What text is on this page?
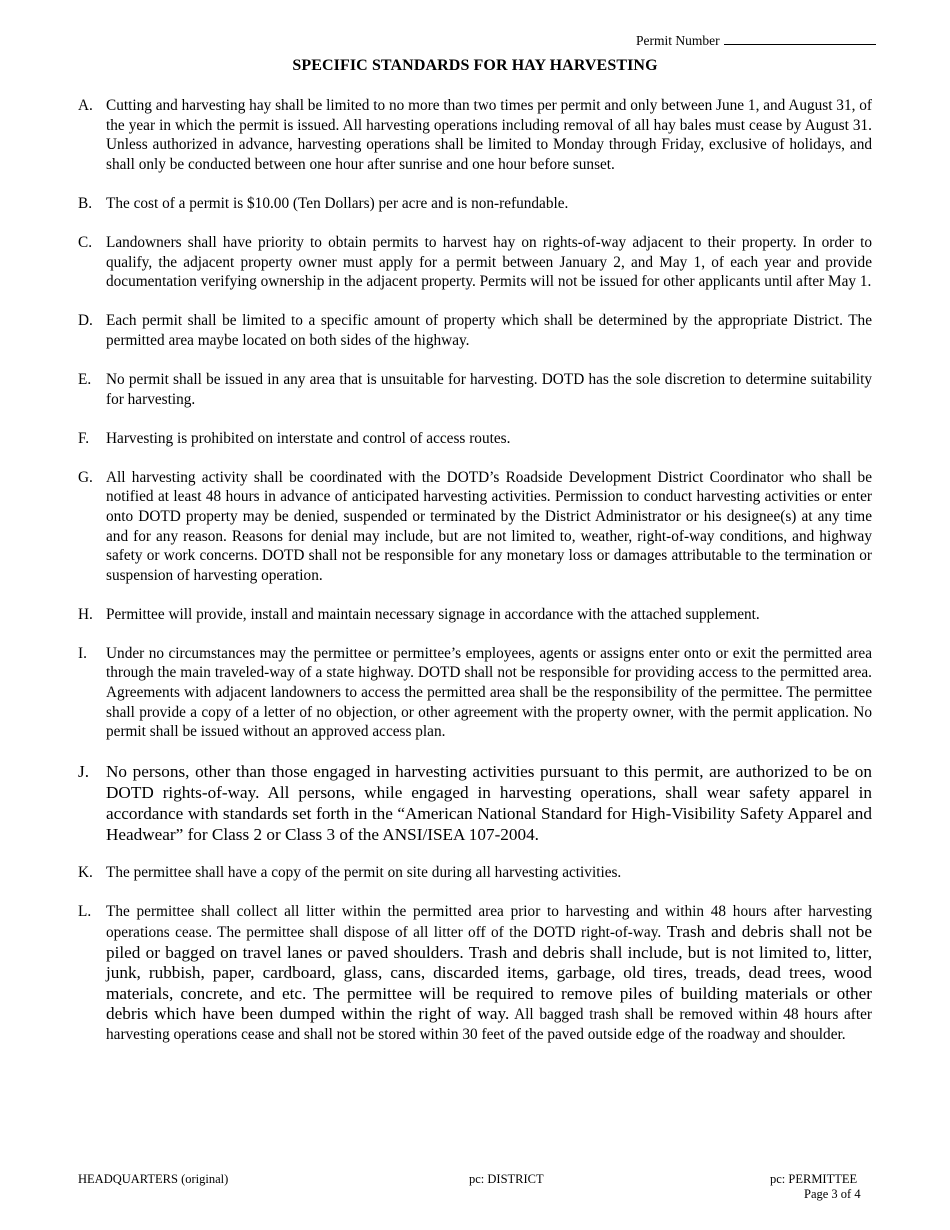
Permit Number
SPECIFIC STANDARDS FOR HAY HARVESTING
A. Cutting and harvesting hay shall be limited to no more than two times per permit and only between June 1, and August 31, of the year in which the permit is issued. All harvesting operations including removal of all hay bales must cease by August 31. Unless authorized in advance, harvesting operations shall be limited to Monday through Friday, exclusive of holidays, and shall only be conducted between one hour after sunrise and one hour before sunset.
B. The cost of a permit is $10.00 (Ten Dollars) per acre and is non-refundable.
C. Landowners shall have priority to obtain permits to harvest hay on rights-of-way adjacent to their property. In order to qualify, the adjacent property owner must apply for a permit between January 2, and May 1, of each year and provide documentation verifying ownership in the adjacent property. Permits will not be issued for other applicants until after May 1.
D. Each permit shall be limited to a specific amount of property which shall be determined by the appropriate District. The permitted area maybe located on both sides of the highway.
E. No permit shall be issued in any area that is unsuitable for harvesting. DOTD has the sole discretion to determine suitability for harvesting.
F.	Harvesting is prohibited on interstate and control of access routes.
G. All harvesting activity shall be coordinated with the DOTD’s Roadside Development District Coordinator who shall be notified at least 48 hours in advance of anticipated harvesting activities. Permission to conduct harvesting activities or enter onto DOTD property may be denied, suspended or terminated by the District Administrator or his designee(s) at any time and for any reason. Reasons for denial may include, but are not limited to, weather, right-of-way conditions, and highway safety or work concerns. DOTD shall not be responsible for any monetary loss or damages attributable to the termination or suspension of harvesting operation.
H. Permittee will provide, install and maintain necessary signage in accordance with the attached supplement.
I.	Under no circumstances may the permittee or permittee’s employees, agents or assigns enter onto or exit the permitted area through the main traveled-way of a state highway. DOTD shall not be responsible for providing access to the permitted area. Agreements with adjacent landowners to access the permitted area shall be the responsibility of the permittee. The permittee shall provide a copy of a letter of no objection, or other agreement with the property owner, with the permit application. No permit shall be issued without an approved access plan.
J. No persons, other than those engaged in harvesting activities pursuant to this permit, are authorized to be on DOTD rights-of-way. All persons, while engaged in harvesting operations, shall wear safety apparel in accordance with standards set forth in the “American National Standard for High-Visibility Safety Apparel and Headwear” for Class 2 or Class 3 of the ANSI/ISEA 107-2004.
K. The permittee shall have a copy of the permit on site during all harvesting activities.
L. The permittee shall collect all litter within the permitted area prior to harvesting and within 48 hours after harvesting operations cease. The permittee shall dispose of all litter off of the DOTD right-of-way. Trash and debris shall not be piled or bagged on travel lanes or paved shoulders. Trash and debris shall include, but is not limited to, litter, junk, rubbish, paper, cardboard, glass, cans, discarded items, garbage, old tires, treads, dead trees, wood materials, concrete, and etc. The permittee will be required to remove piles of building materials or other debris which have been dumped within the right of way. All bagged trash shall be removed within 48 hours after harvesting operations cease and shall not be stored within 30 feet of the paved outside edge of the roadway and shoulder.
HEADQUARTERS (original)	pc: DISTRICT	pc: PERMITTEE
Page 3 of 4
